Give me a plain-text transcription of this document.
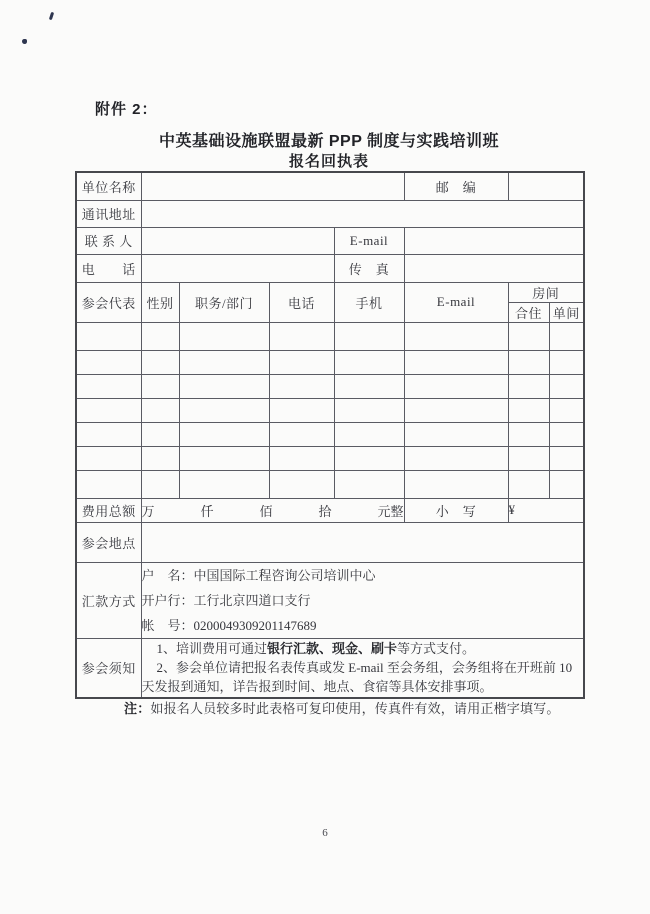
附件 2：
中英基础设施联盟最新 PPP 制度与实践培训班
报名回执表
单位名称					邮　编		
通讯地址							
联 系 人				E-mail			
电　　话				传　真			
参会代表	性别	职务/部门	电话	手机	E-mail	房间	
						合住	单间

费用总额	万 仟 佰 拾 元整				小　写	¥	
参会地点							
汇款方式	户　名：中国国际工程咨询公司培训中心
开户行：工行北京四道口支行
帐　号：0200049309201147689						

参会须知	1、培训费用可通过银行汇款、现金、刷卡等方式支付。
2、参会单位请把报名表传真或发 E-mail 至会务组，会务组将在开班前 10
天发报到通知，详告报到时间、地点、食宿等具体安排事项。						
注：如报名人员较多时此表格可复印使用，传真件有效，请用正楷字填写。
6
